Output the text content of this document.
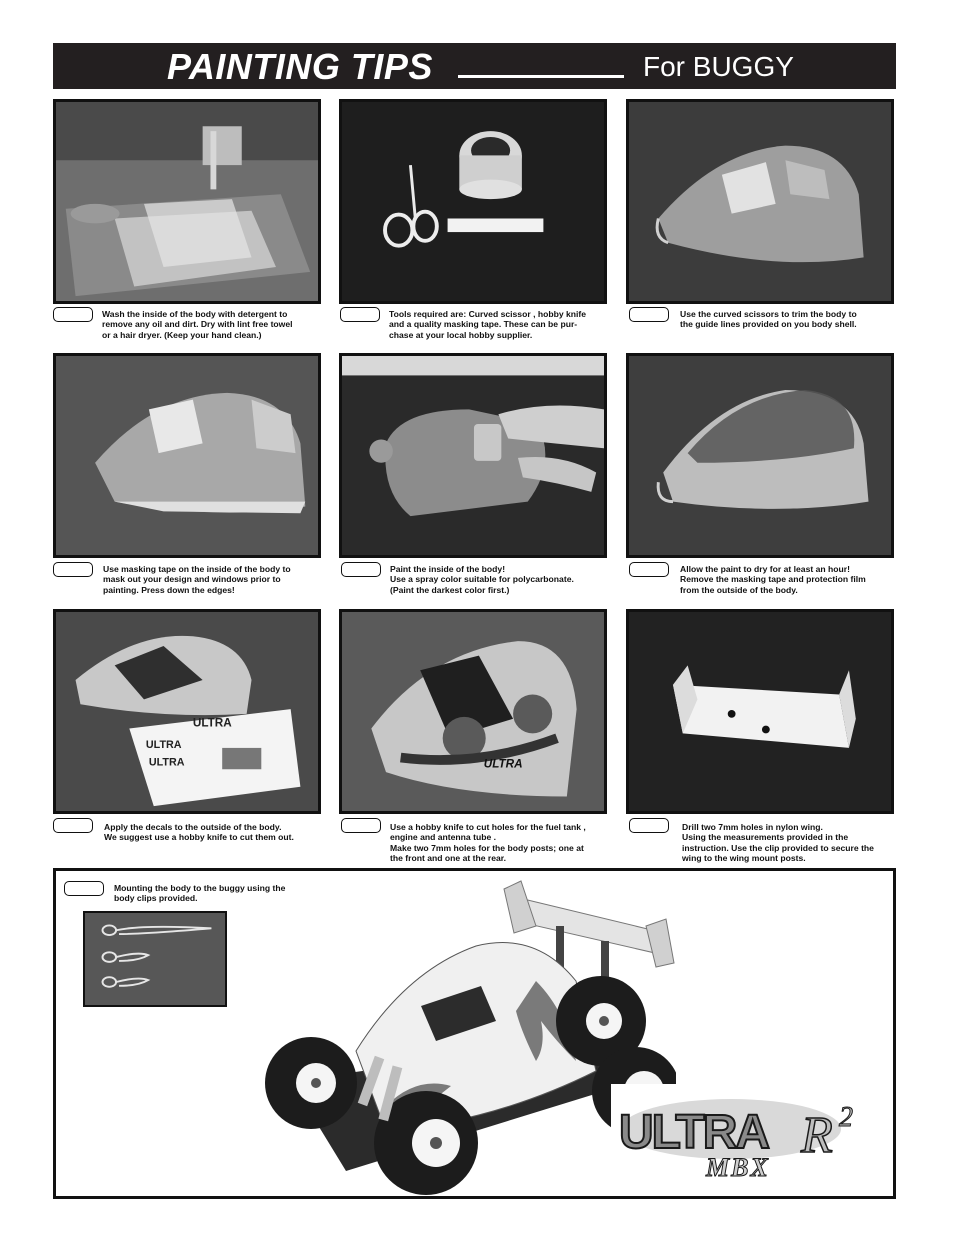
PAINTING TIPS	For BUGGY
Wash the inside of the body with detergent to
remove any oil and dirt. Dry with lint free towel
or a hair dryer. (Keep your hand clean.)
Tools required are: Curved scissor , hobby knife
and a quality masking tape. These can be pur-
chase at your local hobby supplier.
Use the curved scissors to trim the body to
the guide lines provided on you body shell.
Use masking tape on the inside of the body to
mask out your design and windows prior to
painting. Press down the edges!
Paint the inside of the body!
Use a spray color suitable for polycarbonate.
(Paint the darkest color first.)
Allow the paint to dry for at least an hour!
Remove the masking tape and protection film
from the outside of the body.
ULTRA
ULTRA
ULTRA
ULTRA
Apply the decals to the outside of the body.
We suggest use a hobby knife to cut them out.
Use a hobby knife to cut holes for the fuel tank ,
engine and antenna tube .
Make two 7mm holes for the body posts; one at
the front and one at the rear.
Drill two 7mm holes in nylon wing.
Using the measurements provided in the
instruction. Use the clip provided to secure the
wing to the wing mount posts.
Mounting the body to the buggy using the
body clips provided.
ULTRA R 2
MBX
